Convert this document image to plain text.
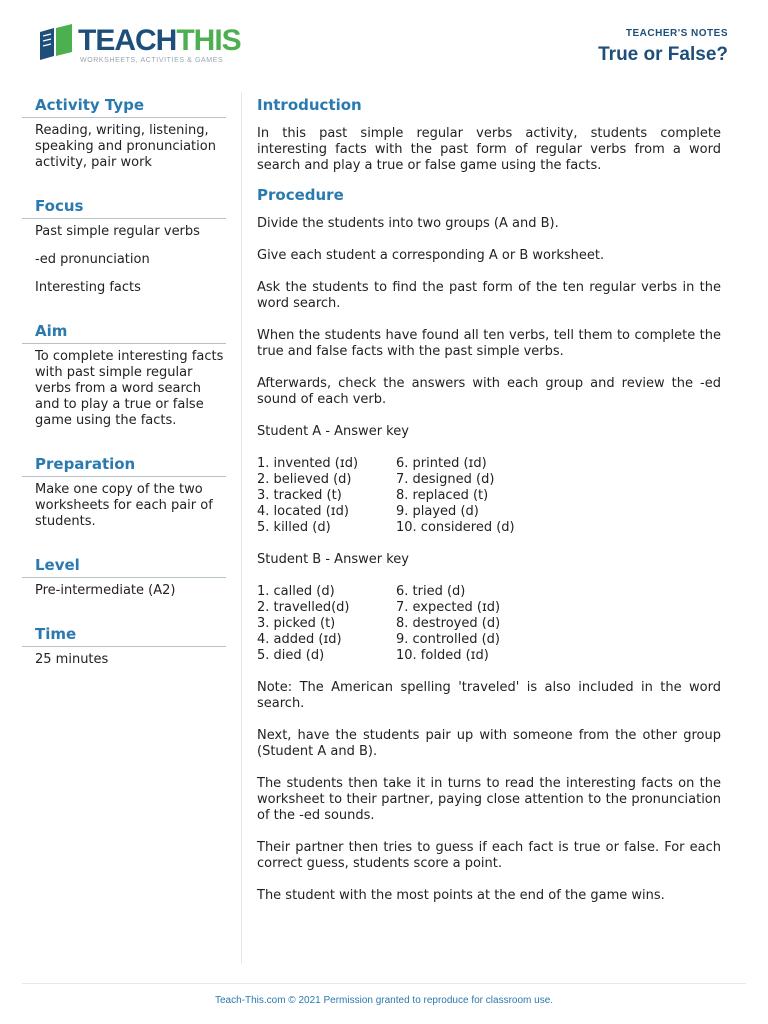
TEACHTHIS
WORKSHEETS, ACTIVITIES & GAMES
TEACHER'S NOTES
True or False?
Activity Type

Reading, writing, listening, speaking and pronunciation activity, pair work

Focus

Past simple regular verbs

-ed pronunciation

Interesting facts

Aim

To complete interesting facts with past simple regular verbs from a word search and to play a true or false game using the facts.

Preparation

Make one copy of the two worksheets for each pair of students.

Level

Pre-intermediate (A2)

Time

25 minutes

Introduction

In this past simple regular verbs activity, students complete interesting facts with the past form of regular verbs from a word search and play a true or false game using the facts.

Procedure

Divide the students into two groups (A and B).

Give each student a corresponding A or B worksheet.

Ask the students to find the past form of the ten regular verbs in the word search.

When the students have found all ten verbs, tell them to complete the true and false facts with the past simple verbs.

Afterwards, check the answers with each group and review the -ed sound of each verb.

Student A - Answer key

1. invented (ɪd)	6. printed (ɪd)
2. believed (d)	7. designed (d)
3. tracked (t)	8. replaced (t)
4. located (ɪd)	9. played (d)
5. killed (d)	10. considered (d)

Student B - Answer key

1. called (d)	6. tried (d)
2. travelled(d)	7. expected (ɪd)
3. picked (t)	8. destroyed (d)
4. added (ɪd)	9. controlled (d)
5. died (d)	10. folded (ɪd)

Note: The American spelling 'traveled' is also included in the word search.

Next, have the students pair up with someone from the other group (Student A and B).

The students then take it in turns to read the interesting facts on the worksheet to their partner, paying close attention to the pronunciation of the -ed sounds.

Their partner then tries to guess if each fact is true or false. For each correct guess, students score a point.

The student with the most points at the end of the game wins.

Teach-This.com © 2021 Permission granted to reproduce for classroom use.
